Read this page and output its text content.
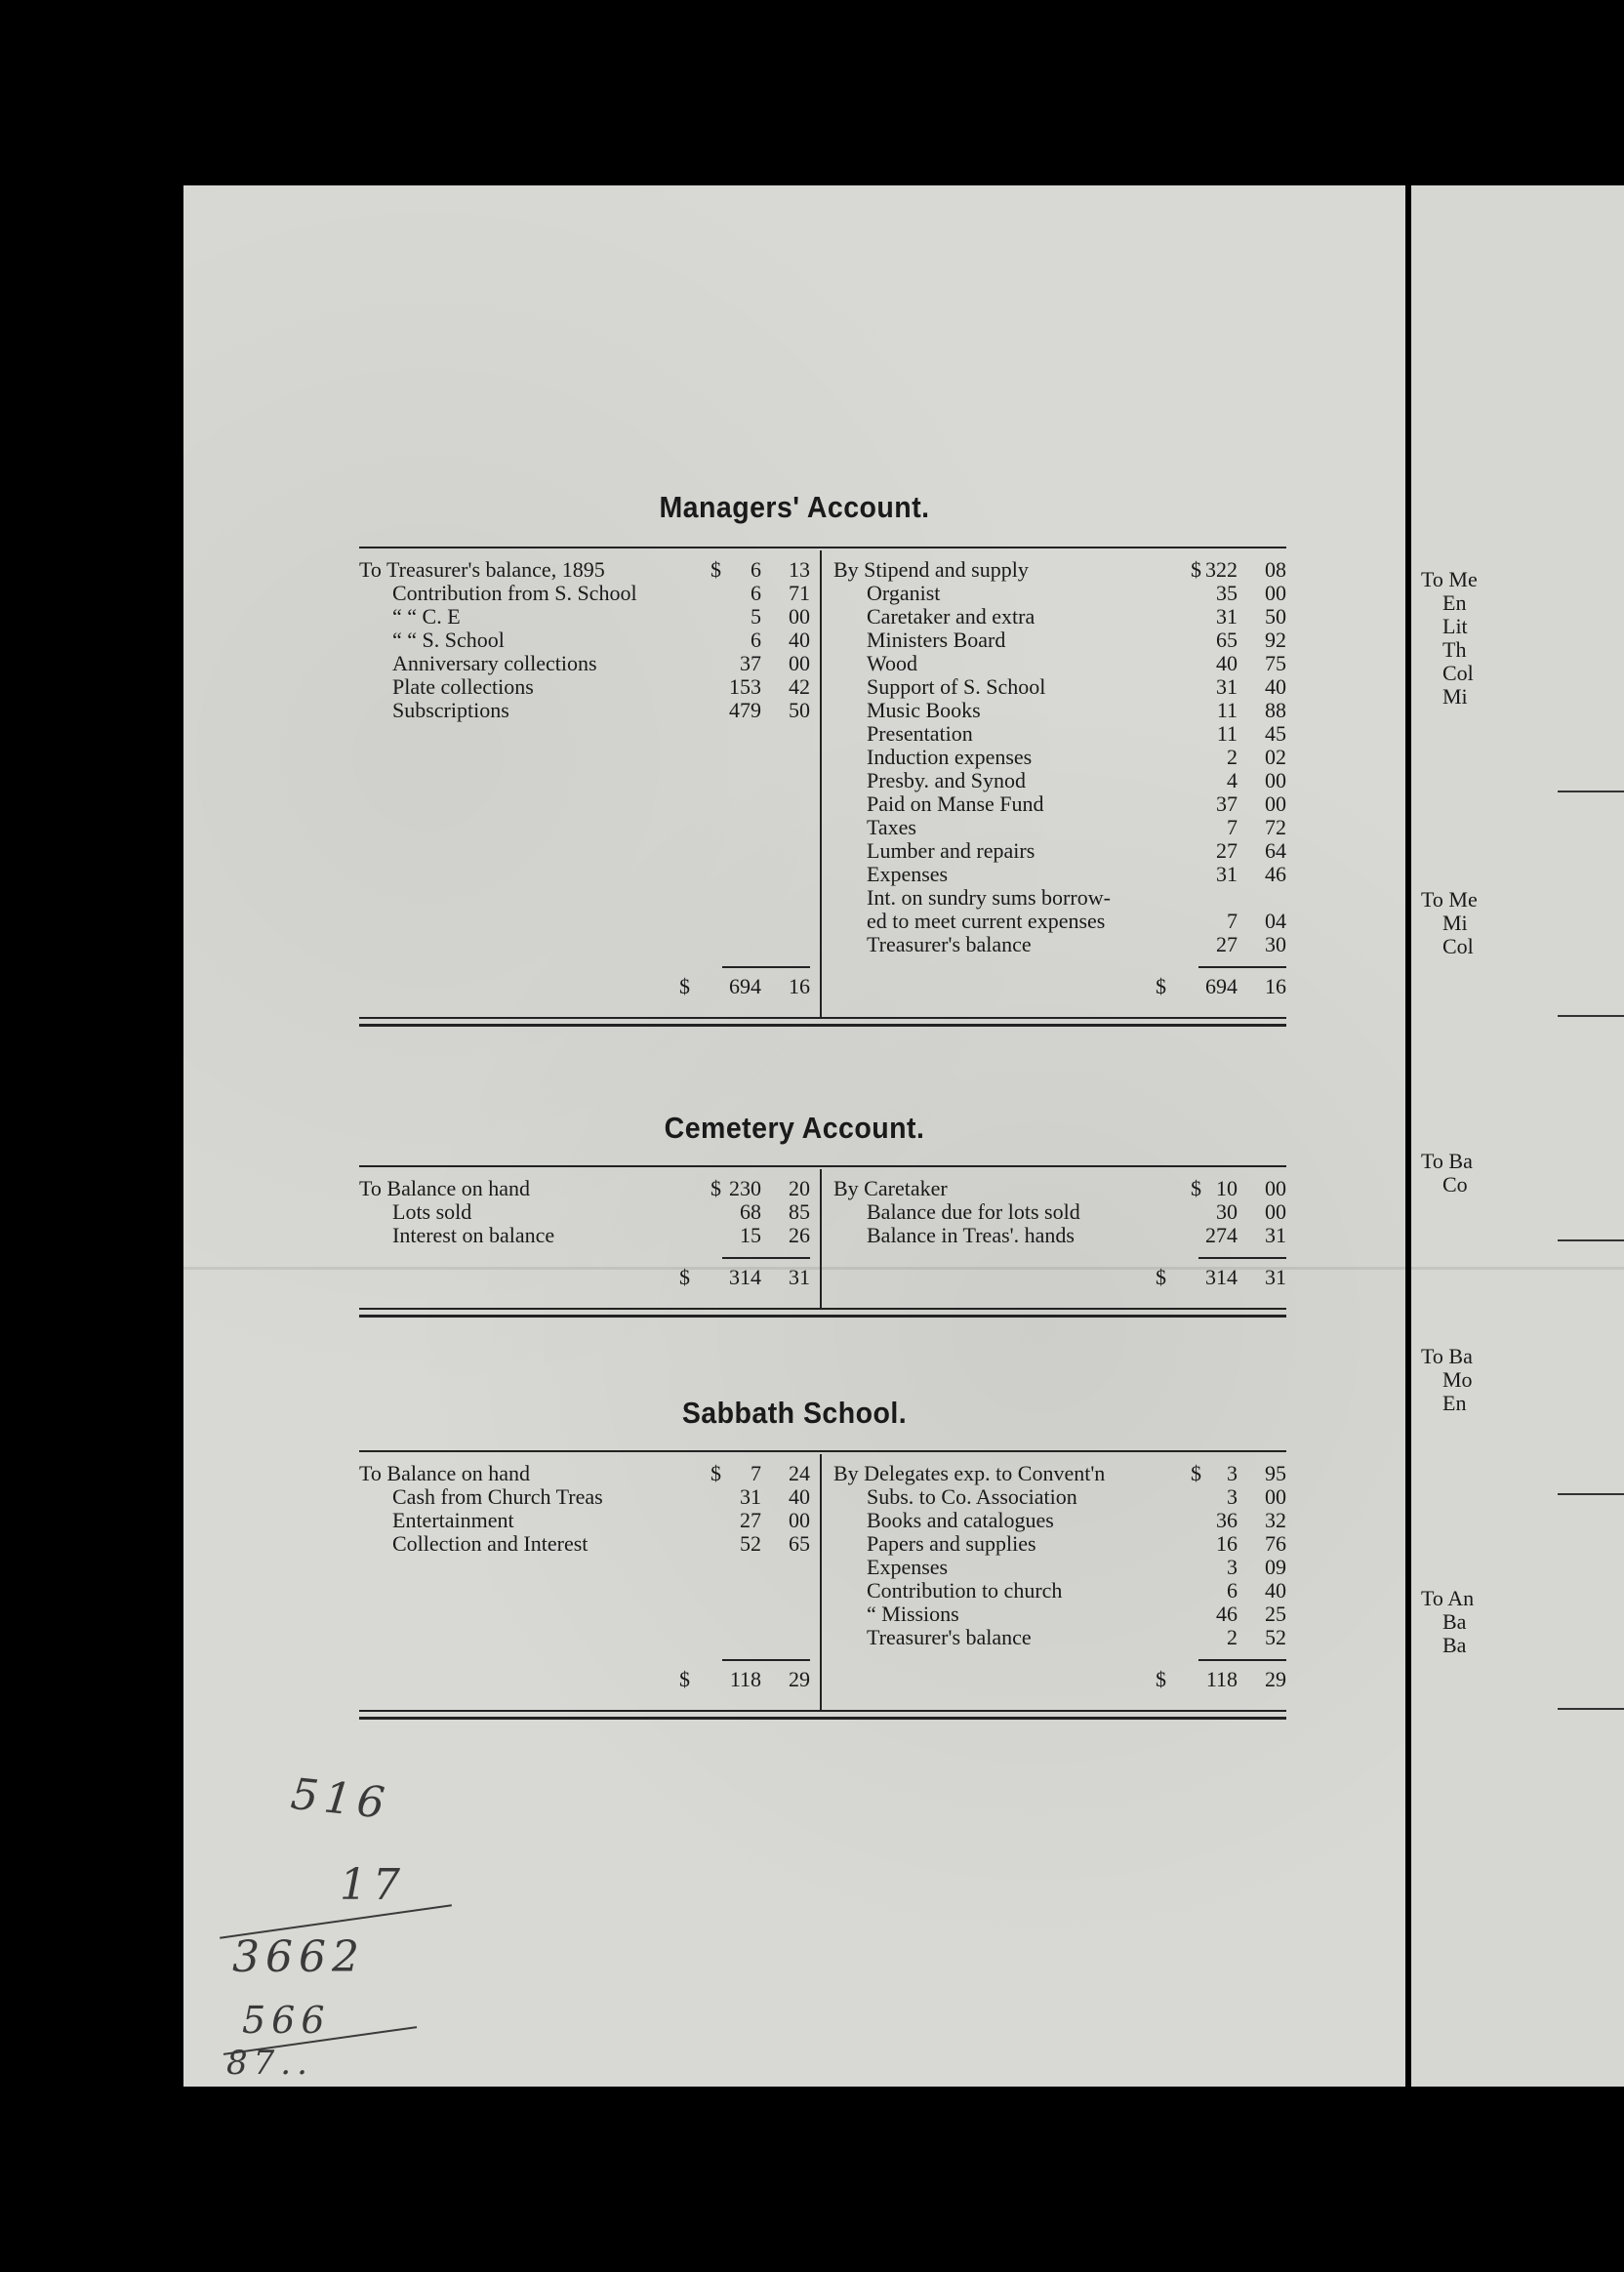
Managers' Account.
To Treasurer's balance, 1895	$ 6	13
Contribution from S. School	6	71
“ “ C. E	5	00
“ “ S. School	6	40
Anniversary collections	37	00
Plate collections	153	42
Subscriptions	479	50
$ 694	16
By Stipend and supply	$ 322	08
Organist	35	00
Caretaker and extra	31	50
Ministers Board	65	92
Wood	40	75
Support of S. School	31	40
Music Books	11	88
Presentation	11	45
Induction expenses	2	02
Presby. and Synod	4	00
Paid on Manse Fund	37	00
Taxes	7	72
Lumber and repairs	27	64
Expenses	31	46
Int. on sundry sums borrow-
ed to meet current expenses	7	04
Treasurer's balance	27	30
$ 694	16
Cemetery Account.
To Balance on hand	$ 230	20
Lots sold	68	85
Interest on balance	15	26
$ 314	31
By Caretaker	$ 10	00
Balance due for lots sold	30	00
Balance in Treas'. hands	274	31
$ 314	31
Sabbath School.
To Balance on hand	$ 7	24
Cash from Church Treas	31	40
Entertainment	27	00
Collection and Interest	52	65
$ 118	29
By Delegates exp. to Convent'n	$ 3	95
Subs. to Co. Association	3	00
Books and catalogues	36	32
Papers and supplies	16	76
Expenses	3	09
Contribution to church	6	40
“ Missions	46	25
Treasurer's balance	2	52
$ 118	29
516
17
3662
566
87..
To Me
En
Lit
Th
Col
Mi
To Me
Mi
Col
To Ba
Co
To Ba
Mo
En
To An
Ba
Ba
